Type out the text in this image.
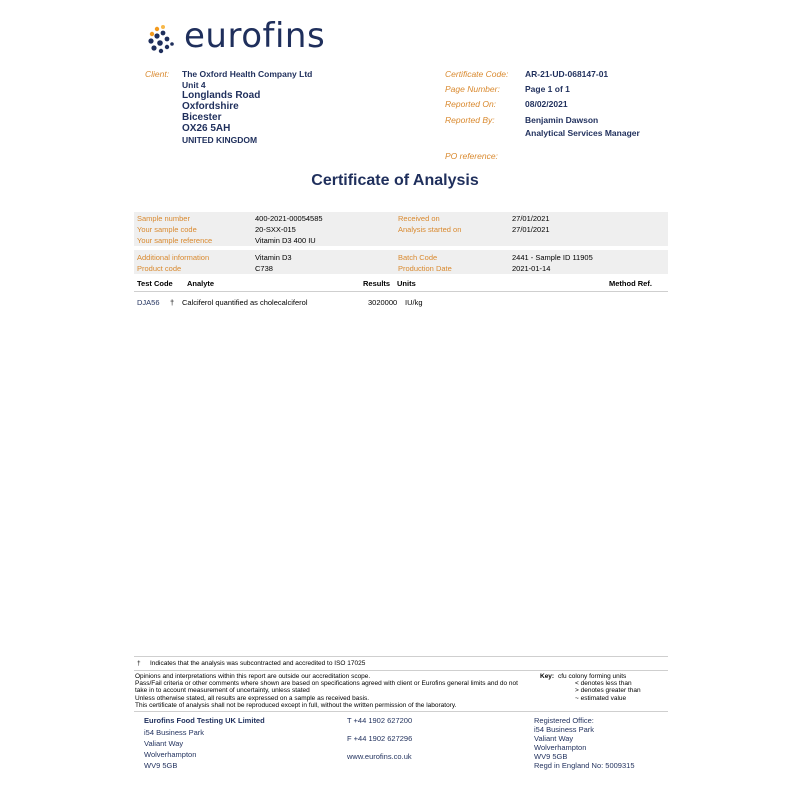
eurofins
Client: The Oxford Health Company Ltd
Unit 4
Longlands Road
Oxfordshire
Bicester
OX26 5AH
UNITED KINGDOM
Certificate Code: AR-21-UD-068147-01
Page Number:	Page 1 of 1
Reported On:	08/02/2021
Reported By:	Benjamin Dawson
Analytical Services Manager
PO reference:
Certificate of Analysis
Sample number	400-2021-00054585	Received on	27/01/2021
Your sample code	20-SXX-015	Analysis started on	27/01/2021
Your sample reference	Vitamin D3 400 IU
Additional information	Vitamin D3	Batch Code	2441 - Sample ID 11905
Product code	C738	Production Date	2021-01-14
Test Code Analyte	Results Units	Method Ref.
DJA56 † Calciferol quantified as cholecalciferol	3020000 IU/kg
† Indicates that the analysis was subcontracted and accredited to ISO 17025
Opinions and interpretations within this report are outside our accreditation scope.
Pass/Fail criteria or other comments where shown are based on specifications agreed with client or Eurofins general limits and do not
take in to account measurement of uncertainty, unless stated
Unless otherwise stated, all results are expressed on a sample as received basis.
This certificate of analysis shall not be reproduced except in full, without the written permission of the laboratory.
Key: cfu colony forming units
< denotes less than
> denotes greater than
~ estimated value
Eurofins Food Testing UK Limited
i54 Business Park
Valiant Way
Wolverhampton
WV9 5GB
T +44 1902 627200
F +44 1902 627296
www.eurofins.co.uk
Registered Office:
i54 Business Park
Valiant Way
Wolverhampton
WV9 5GB
Regd in England No: 5009315
